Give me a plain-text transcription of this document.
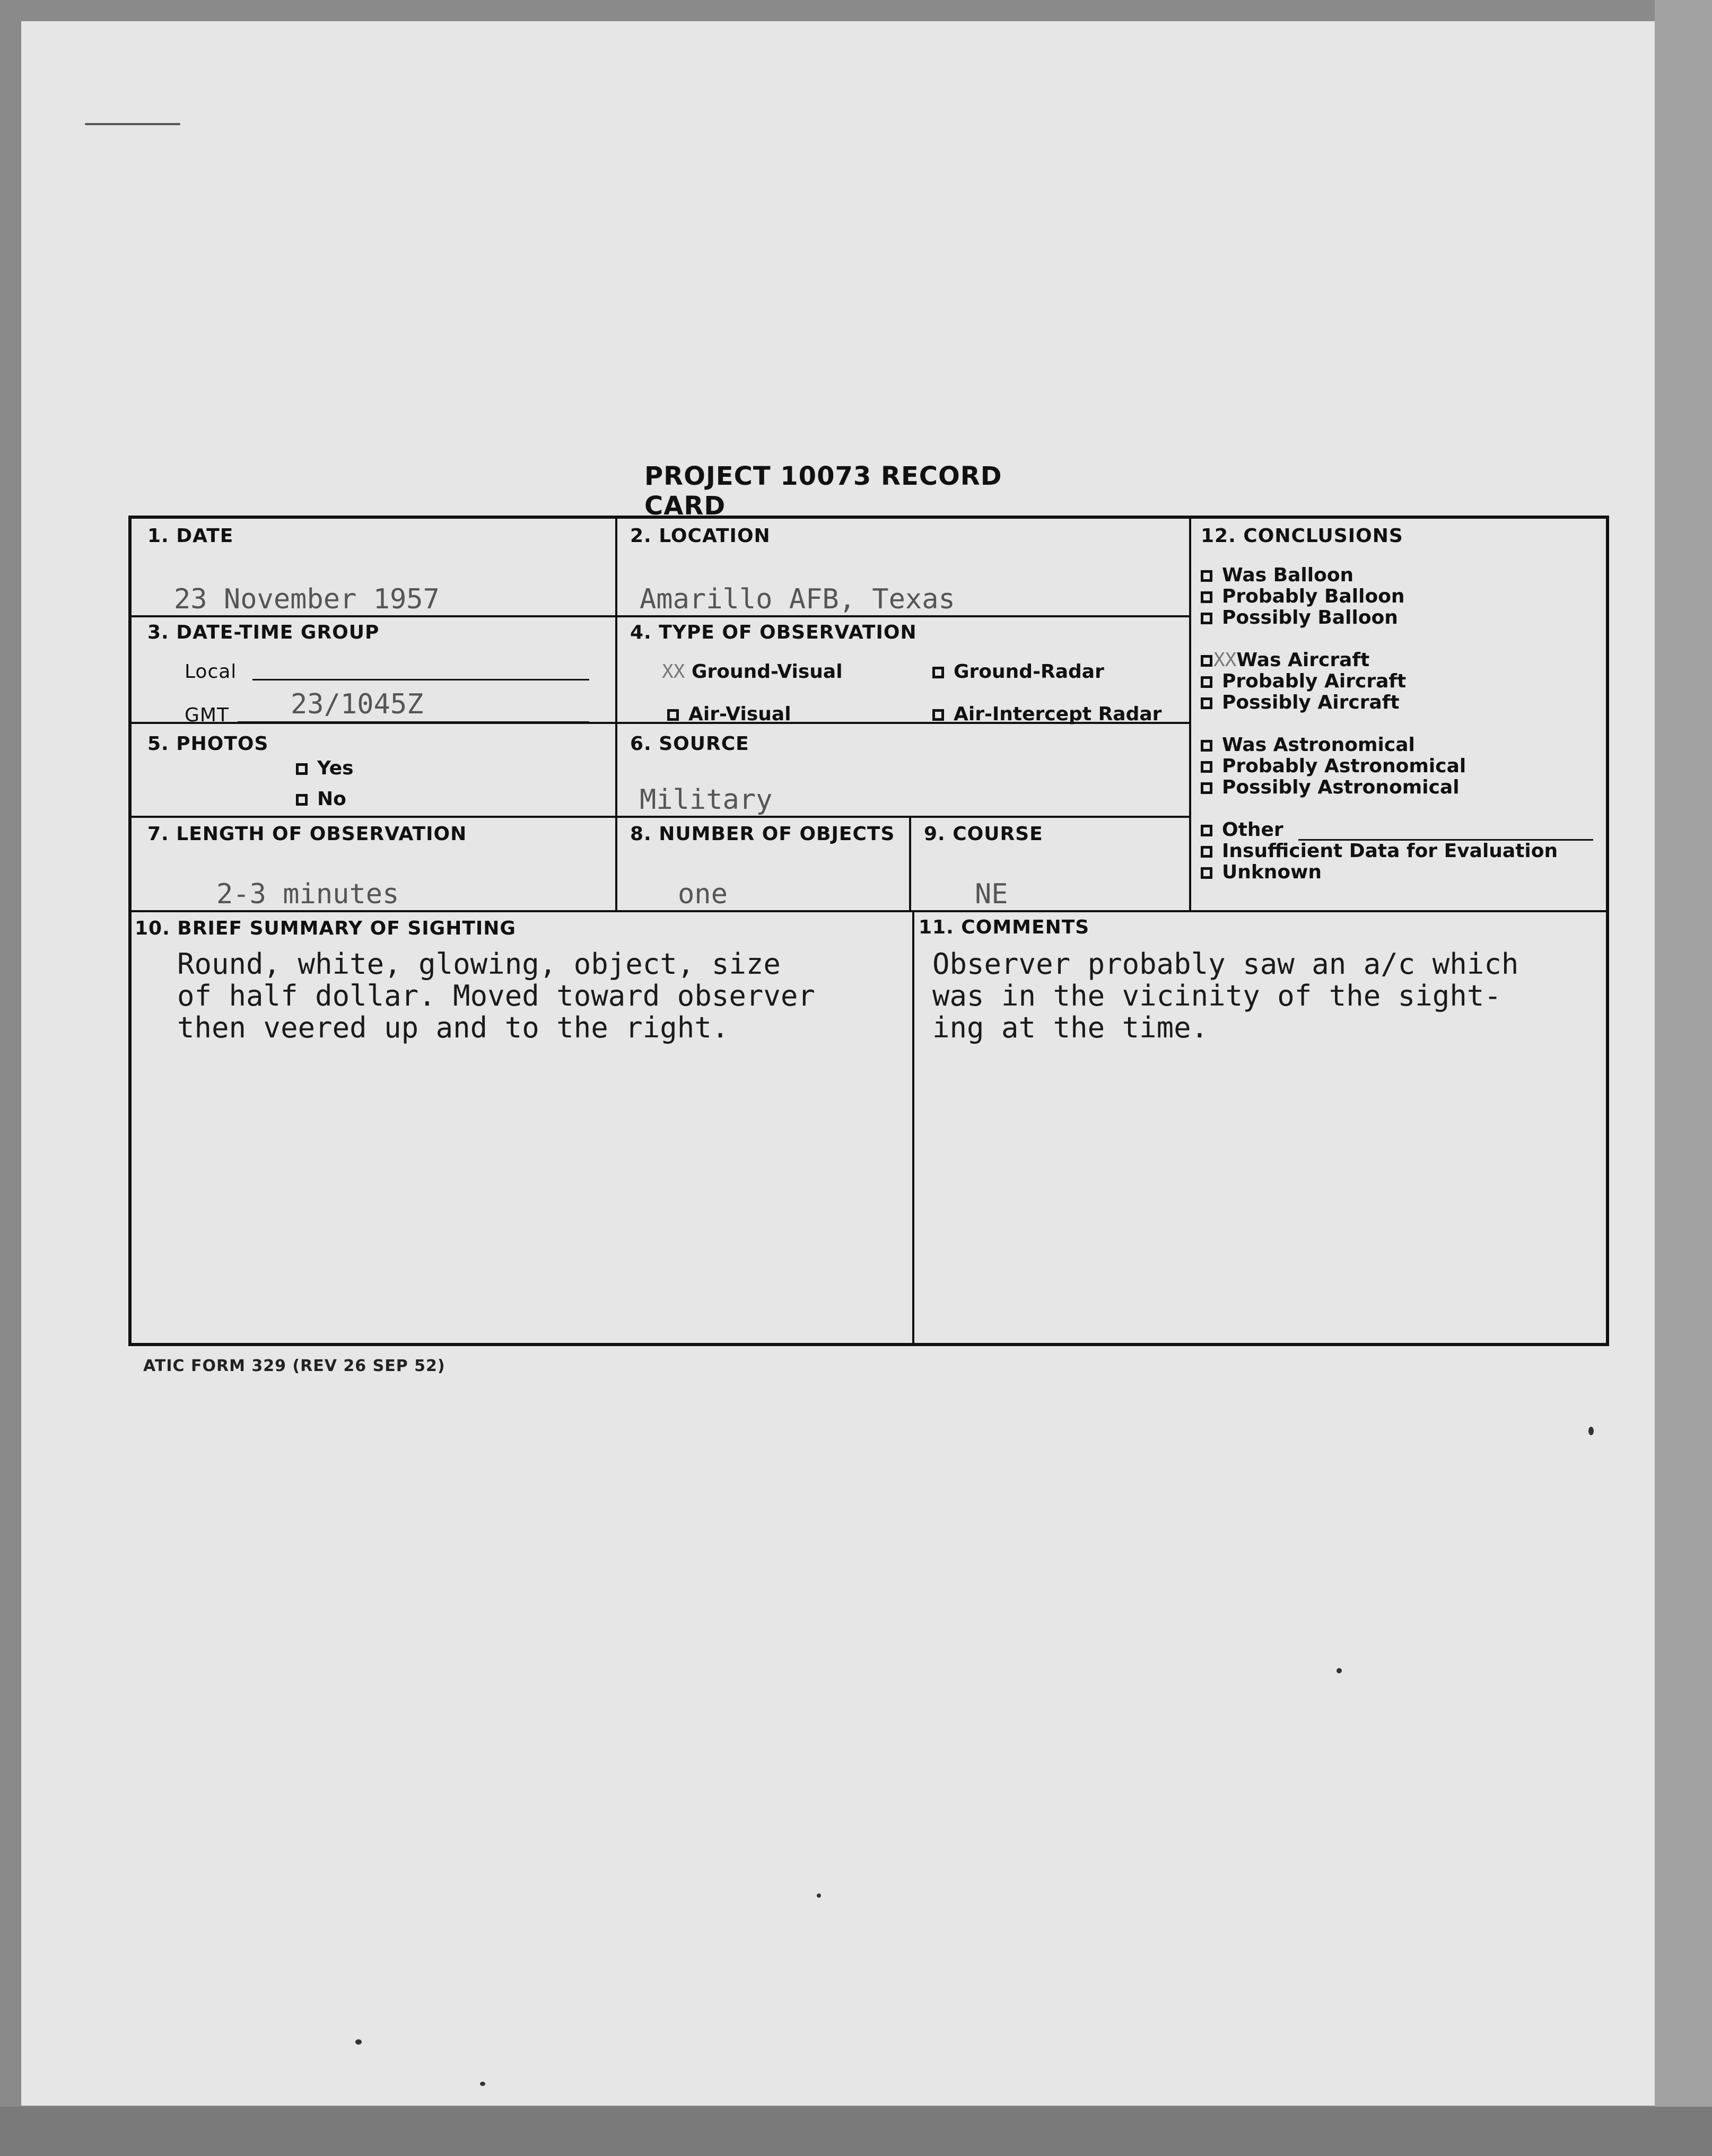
PROJECT 10073 RECORD CARD
1. DATE
23 November 1957
2. LOCATION
Amarillo AFB, Texas
3. DATE-TIME GROUP
Local
GMT 23/1045Z
4. TYPE OF OBSERVATION
XX Ground-Visual	Ground-Radar
Air-Visual	Air-Intercept Radar
5. PHOTOS
Yes
No
6. SOURCE
Military
7. LENGTH OF OBSERVATION
2-3 minutes
8. NUMBER OF OBJECTS
one
9. COURSE
NE
10. BRIEF SUMMARY OF SIGHTING
Round, white, glowing, object, size
of half dollar. Moved toward observer
then veered up and to the right.
11. COMMENTS
Observer probably saw an a/c which
was in the vicinity of the sight-
ing at the time.
12. CONCLUSIONS
Was Balloon
Probably Balloon
Possibly Balloon
XXWas Aircraft
Probably Aircraft
Possibly Aircraft
Was Astronomical
Probably Astronomical
Possibly Astronomical
Other
Insufficient Data for Evaluation
Unknown
ATIC FORM 329 (REV 26 SEP 52)
